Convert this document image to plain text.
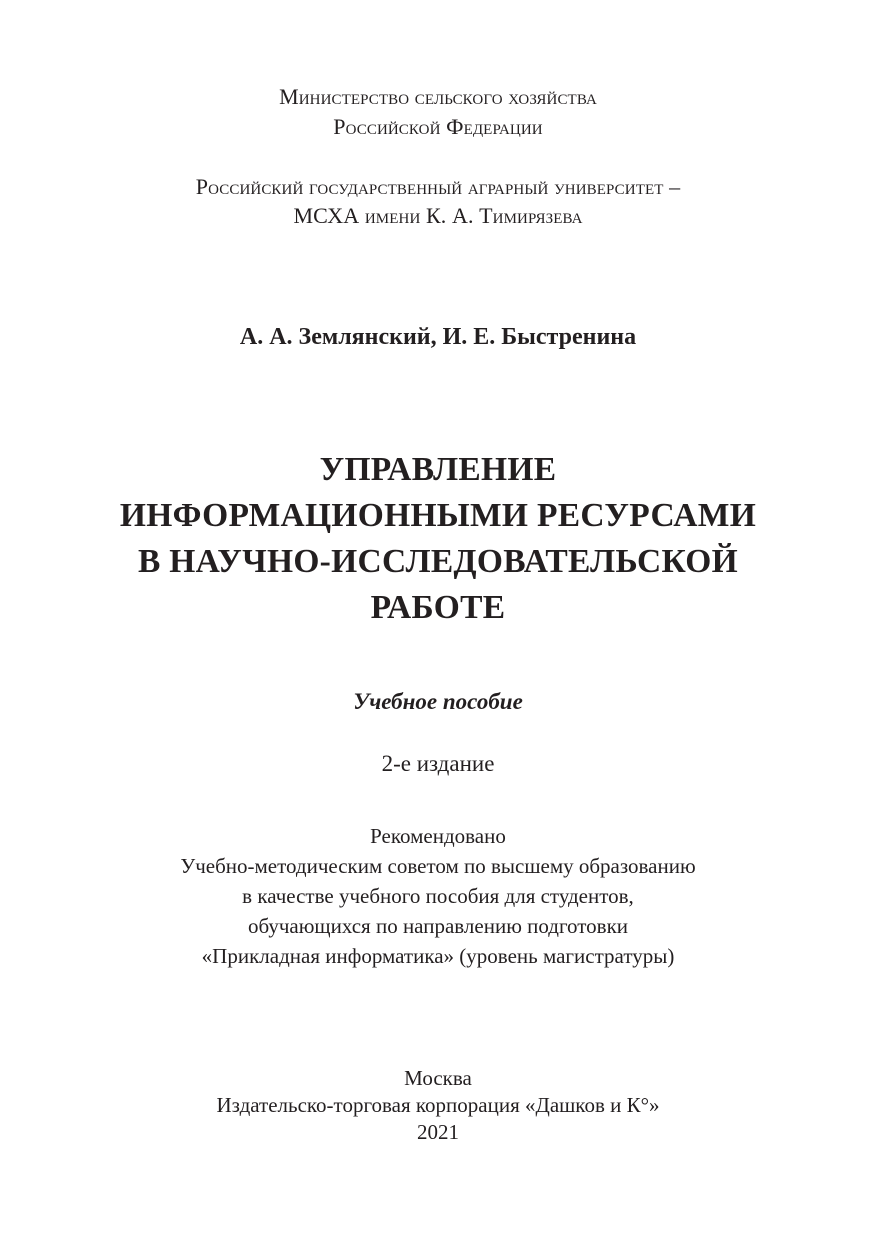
Министерство сельского хозяйства
Российской Федерации
Российский государственный аграрный университет –
МСХА имени К. А. Тимирязева
А. А. Землянский, И. Е. Быстренина
УПРАВЛЕНИЕ
ИНФОРМАЦИОННЫМИ РЕСУРСАМИ
В НАУЧНО-ИССЛЕДОВАТЕЛЬСКОЙ
РАБОТЕ
Учебное пособие
2-е издание
Рекомендовано
Учебно-методическим советом по высшему образованию
в качестве учебного пособия для студентов,
обучающихся по направлению подготовки
«Прикладная информатика» (уровень магистратуры)
Москва
Издательско-торговая корпорация «Дашков и К°»
2021
